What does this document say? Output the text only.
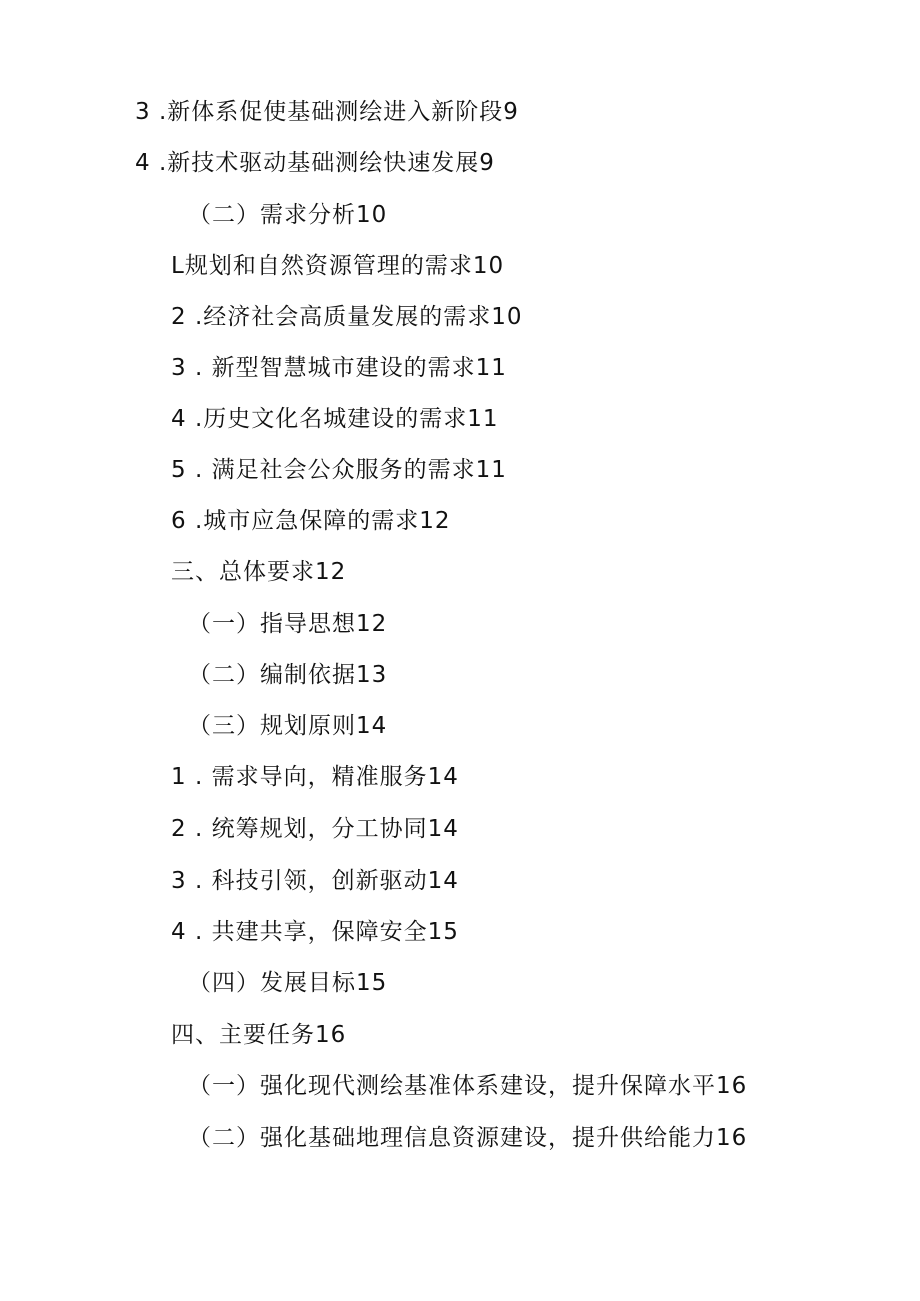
3 .新体系促使基础测绘进入新阶段9
4 .新技术驱动基础测绘快速发展9
（二）需求分析10
L规划和自然资源管理的需求10
2 .经济社会高质量发展的需求10
3 . 新型智慧城市建设的需求11
4 .历史文化名城建设的需求11
5 . 满足社会公众服务的需求11
6 .城市应急保障的需求12
三、总体要求12
（一）指导思想12
（二）编制依据13
（三）规划原则14
1 . 需求导向，精准服务14
2 . 统筹规划，分工协同14
3 . 科技引领，创新驱动14
4 . 共建共享，保障安全15
（四）发展目标15
四、主要任务16
（一）强化现代测绘基准体系建设，提升保障水平16
（二）强化基础地理信息资源建设，提升供给能力16
